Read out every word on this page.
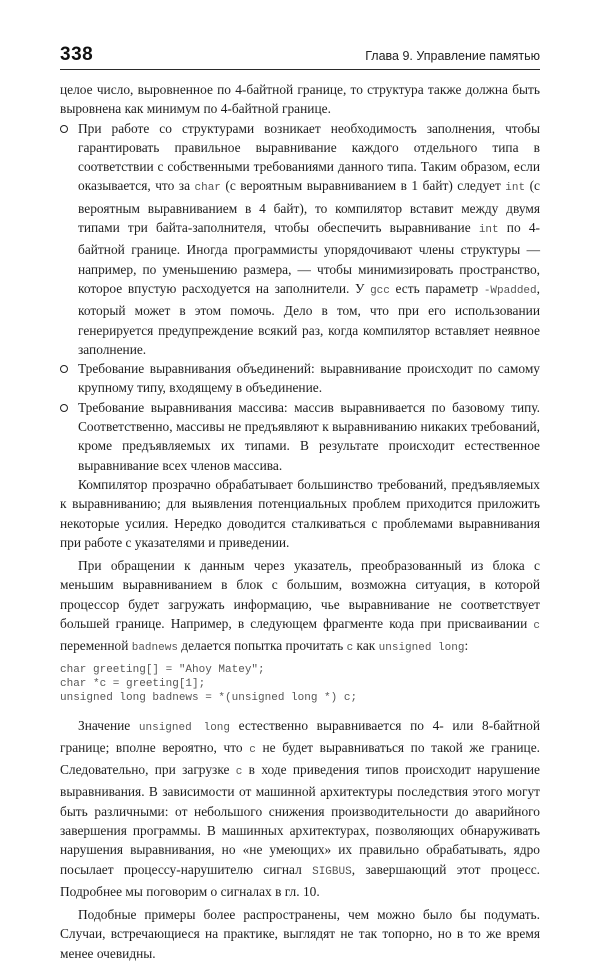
338	Глава 9. Управление памятью

целое число, выровненное по 4-байтной границе, то структура также должна быть выровнена как минимум по 4-байтной границе.

При работе со структурами возникает необходимость заполнения, чтобы гарантировать правильное выравнивание каждого отдельного типа в соответствии с собственными требованиями данного типа. Таким образом, если оказывается, что за char (с вероятным выравниванием в 1 байт) следует int (с вероятным выравниванием в 4 байт), то компилятор вставит между двумя типами три байта-заполнителя, чтобы обеспечить выравнивание int по 4-байтной границе. Иногда программисты упорядочивают члены структуры — например, по уменьшению размера, — чтобы минимизировать пространство, которое впустую расходуется на заполнители. У gcc есть параметр -Wpadded, который может в этом помочь. Дело в том, что при его использовании генерируется предупреждение всякий раз, когда компилятор вставляет неявное заполнение.
Требование выравнивания объединений: выравнивание происходит по самому крупному типу, входящему в объединение.
Требование выравнивания массива: массив выравнивается по базовому типу. Соответственно, массивы не предъявляют к выравниванию никаких требований, кроме предъявляемых их типами. В результате происходит естественное выравнивание всех членов массива.

Компилятор прозрачно обрабатывает большинство требований, предъявляемых к выравниванию; для выявления потенциальных проблем приходится приложить некоторые усилия. Нередко доводится сталкиваться с проблемами выравнивания при работе с указателями и приведении.

При обращении к данным через указатель, преобразованный из блока с меньшим выравниванием в блок с большим, возможна ситуация, в которой процессор будет загружать информацию, чье выравнивание не соответствует большей границе. Например, в следующем фрагменте кода при присваивании c переменной badnews делается попытка прочитать c как unsigned long:

char greeting[] = "Ahoy Matey";
char *c = greeting[1];
unsigned long badnews = *(unsigned long *) c;

Значение unsigned long естественно выравнивается по 4- или 8-байтной границе; вполне вероятно, что c не будет выравниваться по такой же границе. Следовательно, при загрузке c в ходе приведения типов происходит нарушение выравнивания. В зависимости от машинной архитектуры последствия этого могут быть различными: от небольшого снижения производительности до аварийного завершения программы. В машинных архитектурах, позволяющих обнаруживать нарушения выравнивания, но «не умеющих» их правильно обрабатывать, ядро посылает процессу-нарушителю сигнал SIGBUS, завершающий этот процесс. Подробнее мы поговорим о сигналах в гл. 10.

Подобные примеры более распространены, чем можно было бы подумать. Случаи, встречающиеся на практике, выглядят не так топорно, но в то же время менее очевидны.
